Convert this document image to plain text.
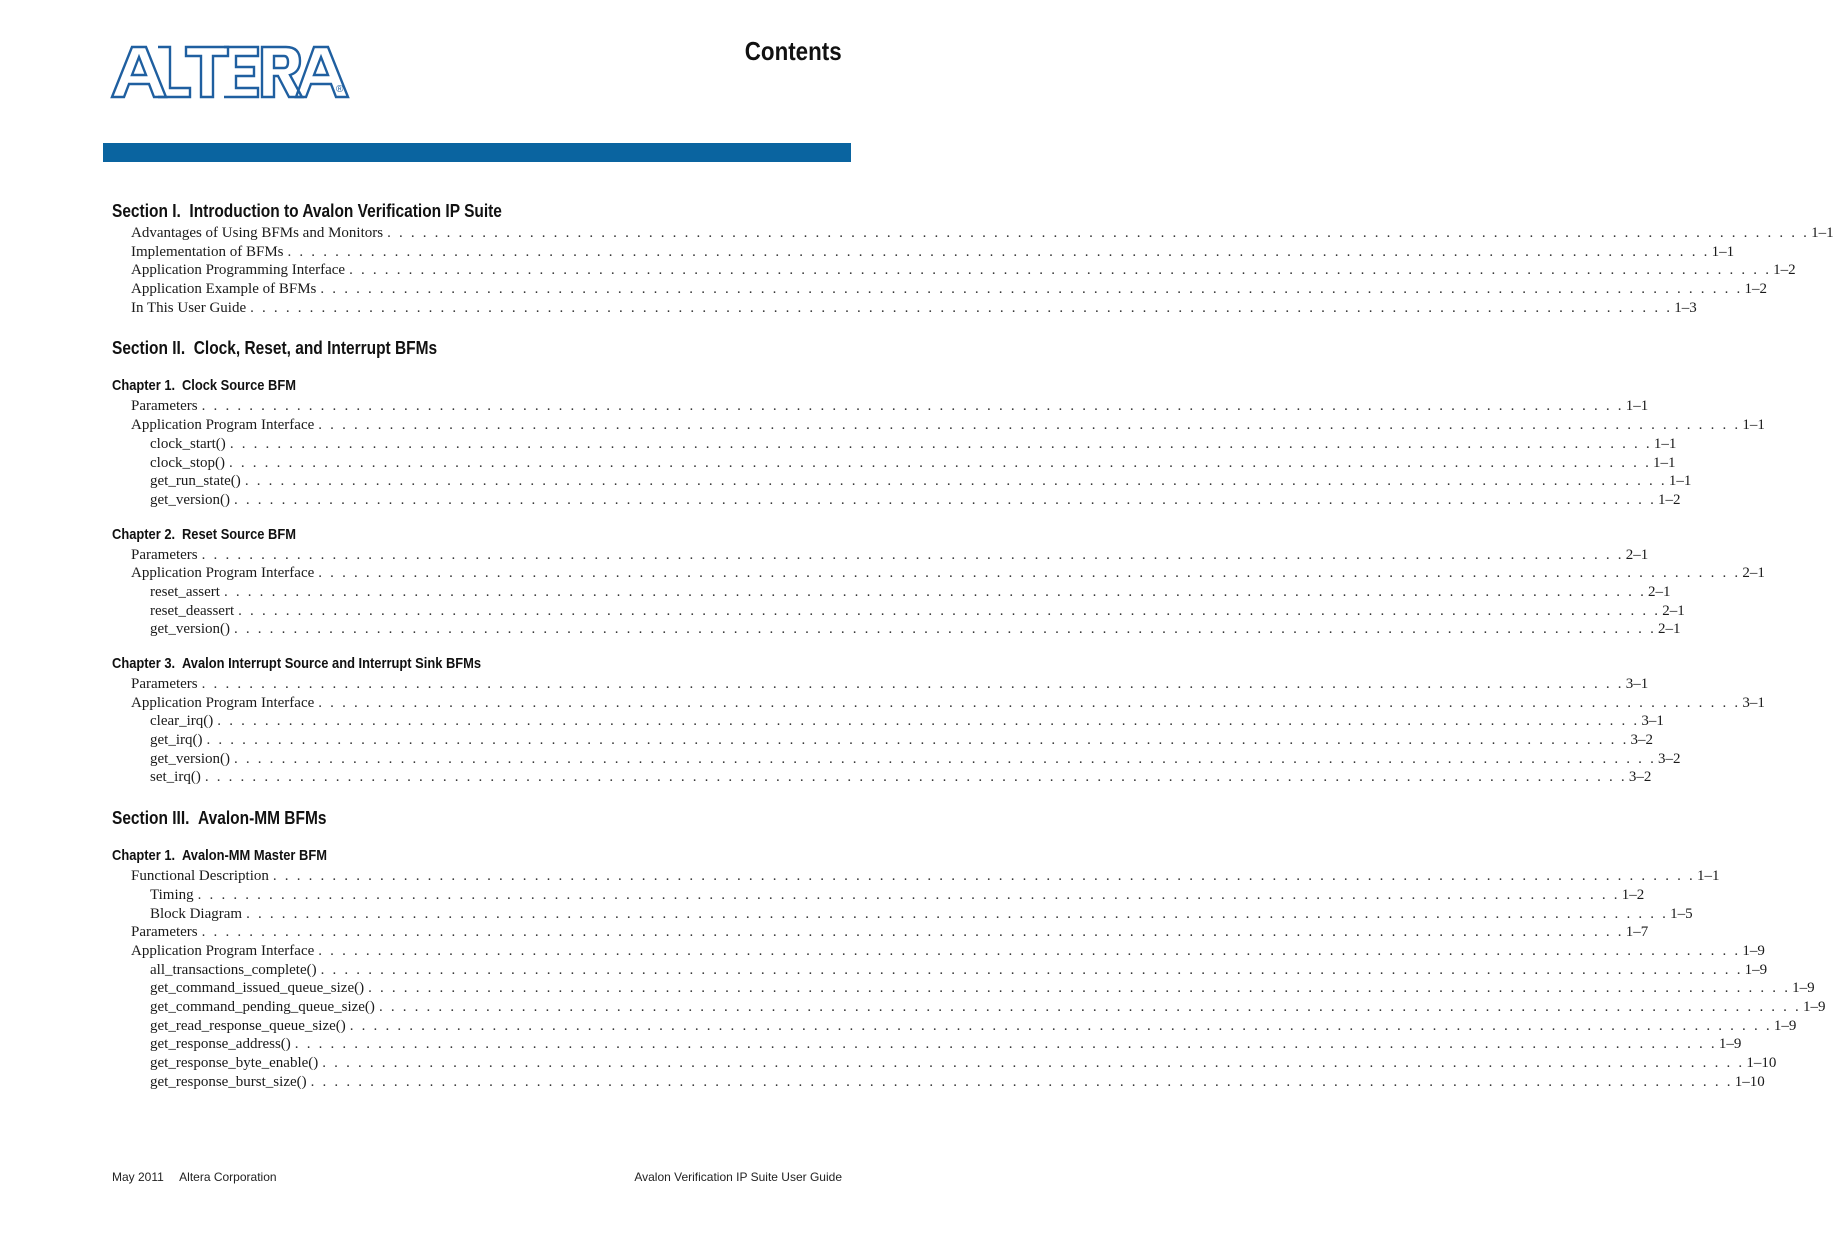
®
Contents
Section I. Introduction to Avalon Verification IP Suite
Advantages of Using BFMs and Monitors . . . . . . . . . . . . . . . . . . . . . . . . . . . . . . . . . . . . . . . . . . . . . . . . . . . . . . . . . . . . . . . . . . . . . . . . . . . . . . . . . . . . . . . . . . . . . . . . . . . . . . . . . . . . . . . . . . . . . . . . 1–1
Implementation of BFMs . . . . . . . . . . . . . . . . . . . . . . . . . . . . . . . . . . . . . . . . . . . . . . . . . . . . . . . . . . . . . . . . . . . . . . . . . . . . . . . . . . . . . . . . . . . . . . . . . . . . . . . . . . . . . . . . . . . . . . . . 1–1
Application Programming Interface . . . . . . . . . . . . . . . . . . . . . . . . . . . . . . . . . . . . . . . . . . . . . . . . . . . . . . . . . . . . . . . . . . . . . . . . . . . . . . . . . . . . . . . . . . . . . . . . . . . . . . . . . . . . . . . . . . . . . . . . 1–2
Application Example of BFMs . . . . . . . . . . . . . . . . . . . . . . . . . . . . . . . . . . . . . . . . . . . . . . . . . . . . . . . . . . . . . . . . . . . . . . . . . . . . . . . . . . . . . . . . . . . . . . . . . . . . . . . . . . . . . . . . . . . . . . . . 1–2
In This User Guide . . . . . . . . . . . . . . . . . . . . . . . . . . . . . . . . . . . . . . . . . . . . . . . . . . . . . . . . . . . . . . . . . . . . . . . . . . . . . . . . . . . . . . . . . . . . . . . . . . . . . . . . . . . . . . . . . . . . . . . . 1–3
Section II. Clock, Reset, and Interrupt BFMs
Chapter 1. Clock Source BFM
Parameters . . . . . . . . . . . . . . . . . . . . . . . . . . . . . . . . . . . . . . . . . . . . . . . . . . . . . . . . . . . . . . . . . . . . . . . . . . . . . . . . . . . . . . . . . . . . . . . . . . . . . . . . . . . . . . . . . . . . . . . . 1–1
Application Program Interface . . . . . . . . . . . . . . . . . . . . . . . . . . . . . . . . . . . . . . . . . . . . . . . . . . . . . . . . . . . . . . . . . . . . . . . . . . . . . . . . . . . . . . . . . . . . . . . . . . . . . . . . . . . . . . . . . . . . . . . . 1–1
clock_start() . . . . . . . . . . . . . . . . . . . . . . . . . . . . . . . . . . . . . . . . . . . . . . . . . . . . . . . . . . . . . . . . . . . . . . . . . . . . . . . . . . . . . . . . . . . . . . . . . . . . . . . . . . . . . . . . . . . . . . . . 1–1
clock_stop() . . . . . . . . . . . . . . . . . . . . . . . . . . . . . . . . . . . . . . . . . . . . . . . . . . . . . . . . . . . . . . . . . . . . . . . . . . . . . . . . . . . . . . . . . . . . . . . . . . . . . . . . . . . . . . . . . . . . . . . . 1–1
get_run_state() . . . . . . . . . . . . . . . . . . . . . . . . . . . . . . . . . . . . . . . . . . . . . . . . . . . . . . . . . . . . . . . . . . . . . . . . . . . . . . . . . . . . . . . . . . . . . . . . . . . . . . . . . . . . . . . . . . . . . . . . 1–1
get_version() . . . . . . . . . . . . . . . . . . . . . . . . . . . . . . . . . . . . . . . . . . . . . . . . . . . . . . . . . . . . . . . . . . . . . . . . . . . . . . . . . . . . . . . . . . . . . . . . . . . . . . . . . . . . . . . . . . . . . . . . 1–2
Chapter 2. Reset Source BFM
Parameters . . . . . . . . . . . . . . . . . . . . . . . . . . . . . . . . . . . . . . . . . . . . . . . . . . . . . . . . . . . . . . . . . . . . . . . . . . . . . . . . . . . . . . . . . . . . . . . . . . . . . . . . . . . . . . . . . . . . . . . . 2–1
Application Program Interface . . . . . . . . . . . . . . . . . . . . . . . . . . . . . . . . . . . . . . . . . . . . . . . . . . . . . . . . . . . . . . . . . . . . . . . . . . . . . . . . . . . . . . . . . . . . . . . . . . . . . . . . . . . . . . . . . . . . . . . . 2–1
reset_assert . . . . . . . . . . . . . . . . . . . . . . . . . . . . . . . . . . . . . . . . . . . . . . . . . . . . . . . . . . . . . . . . . . . . . . . . . . . . . . . . . . . . . . . . . . . . . . . . . . . . . . . . . . . . . . . . . . . . . . . . 2–1
reset_deassert . . . . . . . . . . . . . . . . . . . . . . . . . . . . . . . . . . . . . . . . . . . . . . . . . . . . . . . . . . . . . . . . . . . . . . . . . . . . . . . . . . . . . . . . . . . . . . . . . . . . . . . . . . . . . . . . . . . . . . . . 2–1
get_version() . . . . . . . . . . . . . . . . . . . . . . . . . . . . . . . . . . . . . . . . . . . . . . . . . . . . . . . . . . . . . . . . . . . . . . . . . . . . . . . . . . . . . . . . . . . . . . . . . . . . . . . . . . . . . . . . . . . . . . . . 2–1
Chapter 3. Avalon Interrupt Source and Interrupt Sink BFMs
Parameters . . . . . . . . . . . . . . . . . . . . . . . . . . . . . . . . . . . . . . . . . . . . . . . . . . . . . . . . . . . . . . . . . . . . . . . . . . . . . . . . . . . . . . . . . . . . . . . . . . . . . . . . . . . . . . . . . . . . . . . . 3–1
Application Program Interface . . . . . . . . . . . . . . . . . . . . . . . . . . . . . . . . . . . . . . . . . . . . . . . . . . . . . . . . . . . . . . . . . . . . . . . . . . . . . . . . . . . . . . . . . . . . . . . . . . . . . . . . . . . . . . . . . . . . . . . . 3–1
clear_irq() . . . . . . . . . . . . . . . . . . . . . . . . . . . . . . . . . . . . . . . . . . . . . . . . . . . . . . . . . . . . . . . . . . . . . . . . . . . . . . . . . . . . . . . . . . . . . . . . . . . . . . . . . . . . . . . . . . . . . . . . 3–1
get_irq() . . . . . . . . . . . . . . . . . . . . . . . . . . . . . . . . . . . . . . . . . . . . . . . . . . . . . . . . . . . . . . . . . . . . . . . . . . . . . . . . . . . . . . . . . . . . . . . . . . . . . . . . . . . . . . . . . . . . . . . . 3–2
get_version() . . . . . . . . . . . . . . . . . . . . . . . . . . . . . . . . . . . . . . . . . . . . . . . . . . . . . . . . . . . . . . . . . . . . . . . . . . . . . . . . . . . . . . . . . . . . . . . . . . . . . . . . . . . . . . . . . . . . . . . . 3–2
set_irq() . . . . . . . . . . . . . . . . . . . . . . . . . . . . . . . . . . . . . . . . . . . . . . . . . . . . . . . . . . . . . . . . . . . . . . . . . . . . . . . . . . . . . . . . . . . . . . . . . . . . . . . . . . . . . . . . . . . . . . . . 3–2
Section III. Avalon-MM BFMs
Chapter 1. Avalon-MM Master BFM
Functional Description . . . . . . . . . . . . . . . . . . . . . . . . . . . . . . . . . . . . . . . . . . . . . . . . . . . . . . . . . . . . . . . . . . . . . . . . . . . . . . . . . . . . . . . . . . . . . . . . . . . . . . . . . . . . . . . . . . . . . . . . 1–1
Timing . . . . . . . . . . . . . . . . . . . . . . . . . . . . . . . . . . . . . . . . . . . . . . . . . . . . . . . . . . . . . . . . . . . . . . . . . . . . . . . . . . . . . . . . . . . . . . . . . . . . . . . . . . . . . . . . . . . . . . . . 1–2
Block Diagram . . . . . . . . . . . . . . . . . . . . . . . . . . . . . . . . . . . . . . . . . . . . . . . . . . . . . . . . . . . . . . . . . . . . . . . . . . . . . . . . . . . . . . . . . . . . . . . . . . . . . . . . . . . . . . . . . . . . . . . . 1–5
Parameters . . . . . . . . . . . . . . . . . . . . . . . . . . . . . . . . . . . . . . . . . . . . . . . . . . . . . . . . . . . . . . . . . . . . . . . . . . . . . . . . . . . . . . . . . . . . . . . . . . . . . . . . . . . . . . . . . . . . . . . . 1–7
Application Program Interface . . . . . . . . . . . . . . . . . . . . . . . . . . . . . . . . . . . . . . . . . . . . . . . . . . . . . . . . . . . . . . . . . . . . . . . . . . . . . . . . . . . . . . . . . . . . . . . . . . . . . . . . . . . . . . . . . . . . . . . . 1–9
all_transactions_complete() . . . . . . . . . . . . . . . . . . . . . . . . . . . . . . . . . . . . . . . . . . . . . . . . . . . . . . . . . . . . . . . . . . . . . . . . . . . . . . . . . . . . . . . . . . . . . . . . . . . . . . . . . . . . . . . . . . . . . . . . 1–9
get_command_issued_queue_size() . . . . . . . . . . . . . . . . . . . . . . . . . . . . . . . . . . . . . . . . . . . . . . . . . . . . . . . . . . . . . . . . . . . . . . . . . . . . . . . . . . . . . . . . . . . . . . . . . . . . . . . . . . . . . . . . . . . . . . . . 1–9
get_command_pending_queue_size() . . . . . . . . . . . . . . . . . . . . . . . . . . . . . . . . . . . . . . . . . . . . . . . . . . . . . . . . . . . . . . . . . . . . . . . . . . . . . . . . . . . . . . . . . . . . . . . . . . . . . . . . . . . . . . . . . . . . . . . . 1–9
get_read_response_queue_size() . . . . . . . . . . . . . . . . . . . . . . . . . . . . . . . . . . . . . . . . . . . . . . . . . . . . . . . . . . . . . . . . . . . . . . . . . . . . . . . . . . . . . . . . . . . . . . . . . . . . . . . . . . . . . . . . . . . . . . . . 1–9
get_response_address() . . . . . . . . . . . . . . . . . . . . . . . . . . . . . . . . . . . . . . . . . . . . . . . . . . . . . . . . . . . . . . . . . . . . . . . . . . . . . . . . . . . . . . . . . . . . . . . . . . . . . . . . . . . . . . . . . . . . . . . . 1–9
get_response_byte_enable() . . . . . . . . . . . . . . . . . . . . . . . . . . . . . . . . . . . . . . . . . . . . . . . . . . . . . . . . . . . . . . . . . . . . . . . . . . . . . . . . . . . . . . . . . . . . . . . . . . . . . . . . . . . . . . . . . . . . . . . . 1–10
get_response_burst_size() . . . . . . . . . . . . . . . . . . . . . . . . . . . . . . . . . . . . . . . . . . . . . . . . . . . . . . . . . . . . . . . . . . . . . . . . . . . . . . . . . . . . . . . . . . . . . . . . . . . . . . . . . . . . . . . . . . . . . . . . 1–10
May 2011 Altera Corporation	Avalon Verification IP Suite User Guide
